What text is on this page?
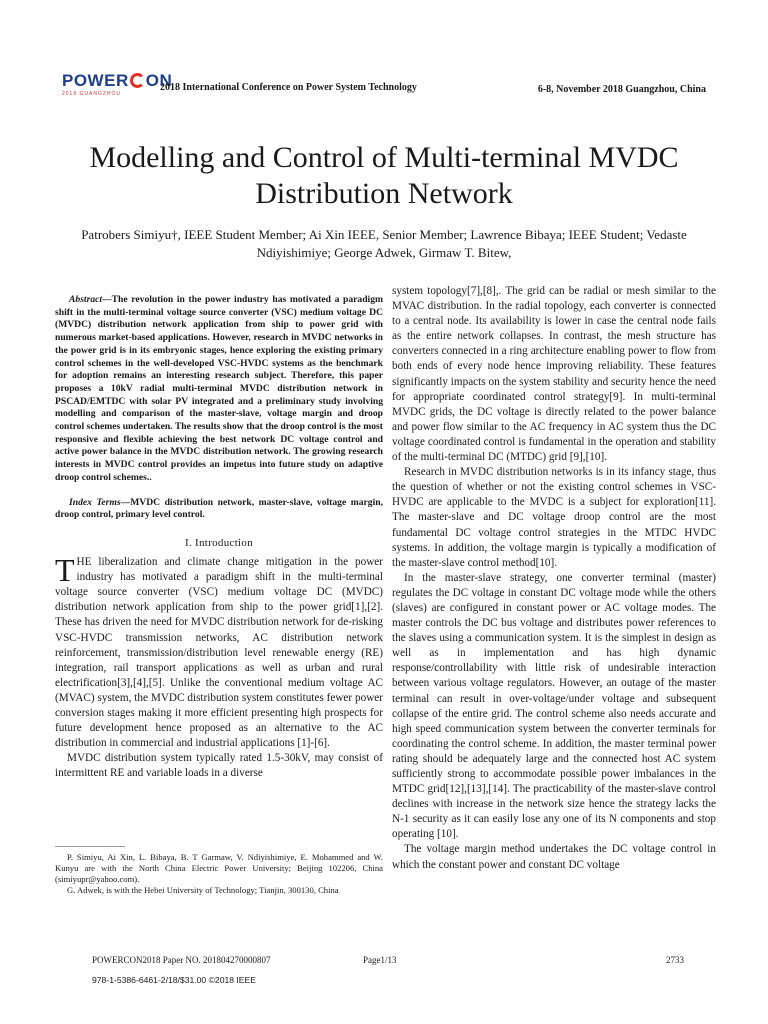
POWER ON
2018 GUANGZHOU
2018 International Conference on Power System Technology	6-8, November 2018 Guangzhou, China
Modelling and Control of Multi-terminal MVDC Distribution Network
Patrobers Simiyu†, IEEE Student Member; Ai Xin IEEE, Senior Member; Lawrence Bibaya; IEEE Student; Vedaste Ndiyishimiye; George Adwek, Girmaw T. Bitew,

Abstract—The revolution in the power industry has motivated a paradigm shift in the multi-terminal voltage source converter (VSC) medium voltage DC (MVDC) distribution network application from ship to power grid with numerous market-based applications. However, research in MVDC networks in the power grid is in its embryonic stages, hence exploring the existing primary control schemes in the well-developed VSC-HVDC systems as the benchmark for adoption remains an interesting research subject. Therefore, this paper proposes a 10kV radial multi-terminal MVDC distribution network in PSCAD/EMTDC with solar PV integrated and a preliminary study involving modelling and comparison of the master-slave, voltage margin and droop control schemes undertaken. The results show that the droop control is the most responsive and flexible achieving the best network DC voltage control and active power balance in the MVDC distribution network. The growing research interests in MVDC control provides an impetus into future study on adaptive droop control schemes..

Index Terms—MVDC distribution network, master-slave, voltage margin, droop control, primary level control.

I. Introduction

THE liberalization and climate change mitigation in the power industry has motivated a paradigm shift in the multi-terminal voltage source converter (VSC) medium voltage DC (MVDC) distribution network application from ship to the power grid[1],[2]. These has driven the need for MVDC distribution network for de-risking VSC-HVDC transmission networks, AC distribution network reinforcement, transmission/distribution level renewable energy (RE) integration, rail transport applications as well as urban and rural electrification[3],[4],[5]. Unlike the conventional medium voltage AC (MVAC) system, the MVDC distribution system constitutes fewer power conversion stages making it more efficient presenting high prospects for future development hence proposed as an alternative to the AC distribution in commercial and industrial applications [1]-[6].

MVDC distribution system typically rated 1.5-30kV, may consist of intermittent RE and variable loads in a diverse

P. Simiyu, Ai Xin, L. Bibaya, B. T Garmaw, V. Ndiyishimiye, E. Mohammed and W. Kunyu are with the North China Electric Power University; Beijing 102206, China (simiyupr@yahoo.com).

G. Adwek, is with the Hebei University of Technology; Tianjin, 300130, China

system topology[7],[8],. The grid can be radial or mesh similar to the MVAC distribution. In the radial topology, each converter is connected to a central node. Its availability is lower in case the central node fails as the entire network collapses. In contrast, the mesh structure has converters connected in a ring architecture enabling power to flow from both ends of every node hence improving reliability. These features significantly impacts on the system stability and security hence the need for appropriate coordinated control strategy[9]. In multi-terminal MVDC grids, the DC voltage is directly related to the power balance and power flow similar to the AC frequency in AC system thus the DC voltage coordinated control is fundamental in the operation and stability of the multi-terminal DC (MTDC) grid [9],[10].

Research in MVDC distribution networks is in its infancy stage, thus the question of whether or not the existing control schemes in VSC-HVDC are applicable to the MVDC is a subject for exploration[11]. The master-slave and DC voltage droop control are the most fundamental DC voltage control strategies in the MTDC HVDC systems. In addition, the voltage margin is typically a modification of the master-slave control method[10].

In the master-slave strategy, one converter terminal (master) regulates the DC voltage in constant DC voltage mode while the others (slaves) are configured in constant power or AC voltage modes. The master controls the DC bus voltage and distributes power references to the slaves using a communication system. It is the simplest in design as well as in implementation and has high dynamic response/controllability with little risk of undesirable interaction between various voltage regulators. However, an outage of the master terminal can result in over-voltage/under voltage and subsequent collapse of the entire grid. The control scheme also needs accurate and high speed communication system between the converter terminals for coordinating the control scheme. In addition, the master terminal power rating should be adequately large and the connected host AC system sufficiently strong to accommodate possible power imbalances in the MTDC grid[12],[13],[14]. The practicability of the master-slave control declines with increase in the network size hence the strategy lacks the N-1 security as it can easily lose any one of its N components and stop operating [10].

The voltage margin method undertakes the DC voltage control in which the constant power and constant DC voltage

POWERCON2018 Paper NO. 201804270000807	Page1/13	2733
978-1-5386-6461-2/18/$31.00 ©2018 IEEE
